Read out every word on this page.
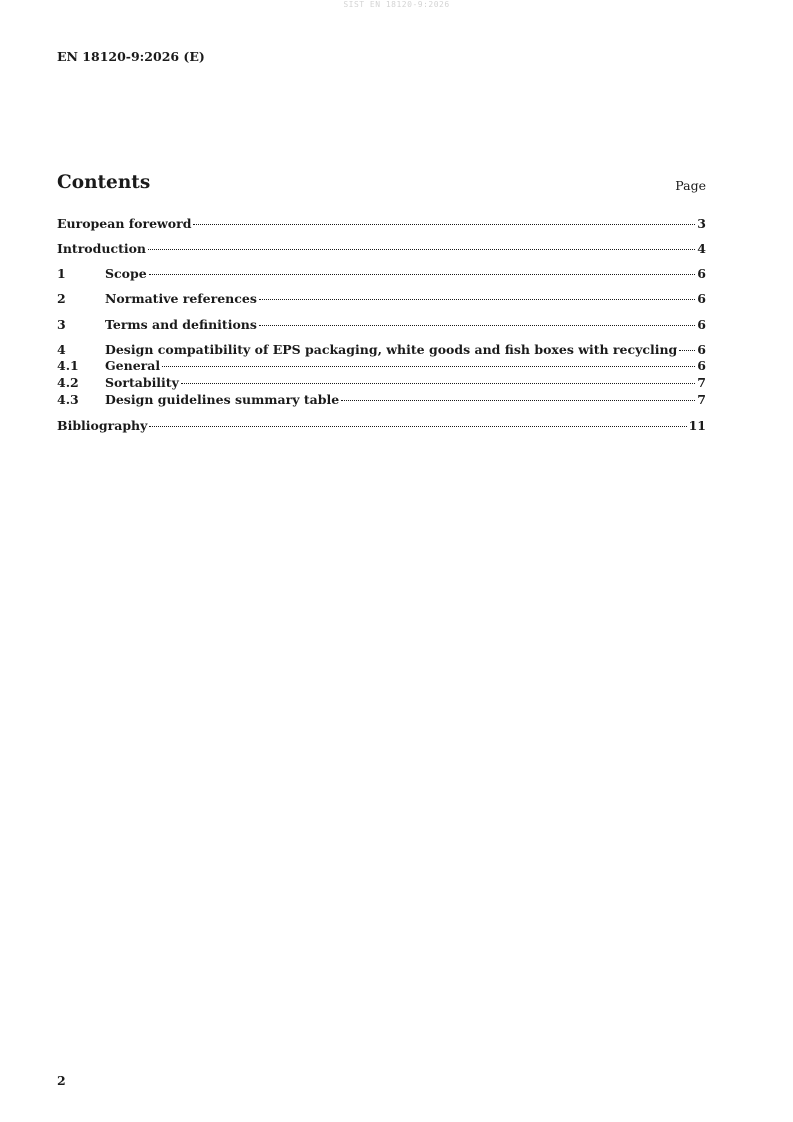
SIST EN 18120-9:2026
EN 18120-9:2026 (E)
Contents	Page
European foreword	3
Introduction	4
1	Scope	6
2	Normative references	6
3	Terms and definitions	6
4	Design compatibility of EPS packaging, white goods and fish boxes with recycling 6
4.1	General	6
4.2	Sortability	7
4.3	Design guidelines summary table	7
Bibliography	11
2
